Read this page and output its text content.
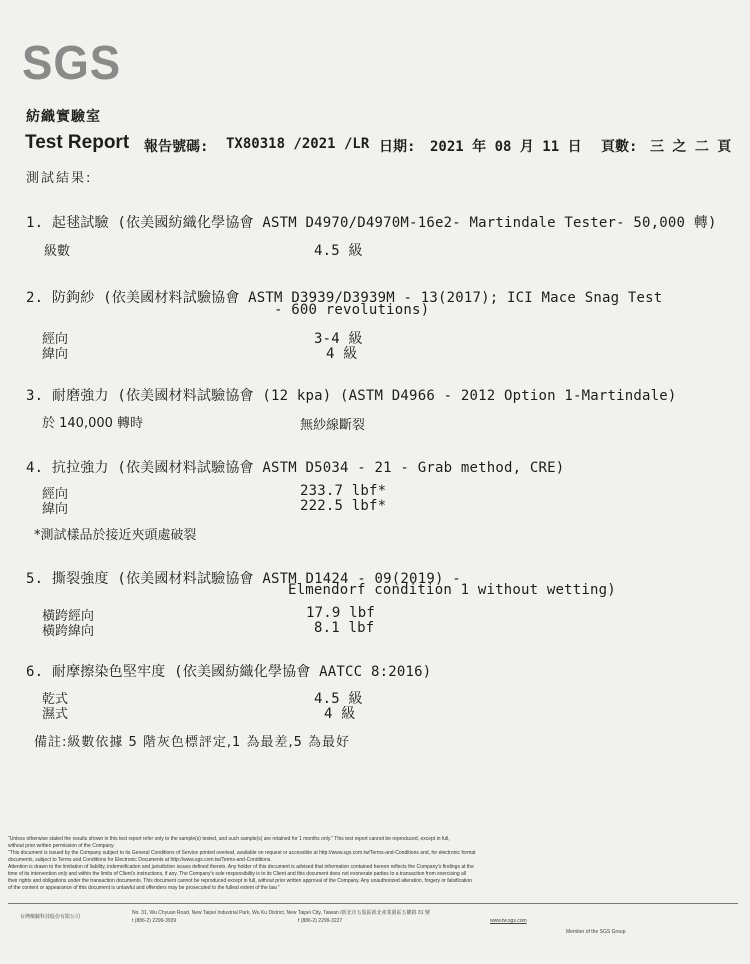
SGS
紡織實驗室
Test Report 報告號碼: TX80318 /2021 /LR 日期: 2021 年 08 月 11 日 頁數: 三 之 二 頁
測試結果:
1. 起毬試驗 (依美國紡織化學協會 ASTM D4970/D4970M-16e2- Martindale Tester- 50,000 轉)
級數	4.5 級
2. 防鉤紗 (依美國材料試驗協會 ASTM D3939/D3939M - 13(2017); ICI Mace Snag Test
- 600 revolutions)
經向	3-4 級
緯向	4 級
3. 耐磨強力 (依美國材料試驗協會 (12 kpa) (ASTM D4966 - 2012 Option 1-Martindale)
於 140,000 轉時	無紗線斷裂
4. 抗拉強力 (依美國材料試驗協會 ASTM D5034 - 21 - Grab method, CRE)
經向	233.7 lbf*
緯向	222.5 lbf*
*測試樣品於接近夾頭處破裂
5. 撕裂強度 (依美國材料試驗協會 ASTM D1424 - 09(2019) -
Elmendorf condition 1 without wetting)
橫跨經向	17.9 lbf
橫跨緯向	8.1 lbf
6. 耐摩擦染色堅牢度 (依美國紡織化學協會 AATCC 8:2016)
乾式	4.5 級
濕式	4 級
備註:級數依據 5 階灰色標評定,1 為最差,5 為最好
"Unless otherwise stated the results shown in this test report refer only to the sample(s) tested, and such sample(s) are retained for 1 months only." This test report cannot be reproduced, except in full,
without prior written permission of the Company.
"This document is issued by the Company subject to its General Conditions of Service printed overleaf, available on request or accessible at http://www.sgs.com.tw/Terms-and-Conditions and, for electronic format
documents, subject to Terms and Conditions for Electronic Documents at http://www.sgs.com.tw/Terms-and-Conditions.
Attention is drawn to the limitation of liability, indemnification and jurisdiction issues defined therein. Any holder of this document is advised that information contained hereon reflects the Company's findings at the
time of its intervention only and within the limits of Client's instructions, if any. The Company's sole responsibility is to its Client and this document does not exonerate parties to a transaction from exercising all
their rights and obligations under the transaction documents. This document cannot be reproduced except in full, without prior written approval of the Company. Any unauthorized alteration, forgery or falsification
of the content or appearance of this document is unlawful and offenders may be prosecuted to the fullest extent of the law."
台灣檢驗科技股份有限公司
No. 31, Wu Chyuan Road, New Taipei Industrial Park, Wu Ku District, New Taipei City, Taiwan /新北市五股區新北產業園區五權路 31 號
t (886-2) 2299-3939	f (886-2) 2299-3227	www.tw.sgs.com
Member of the SGS Group
